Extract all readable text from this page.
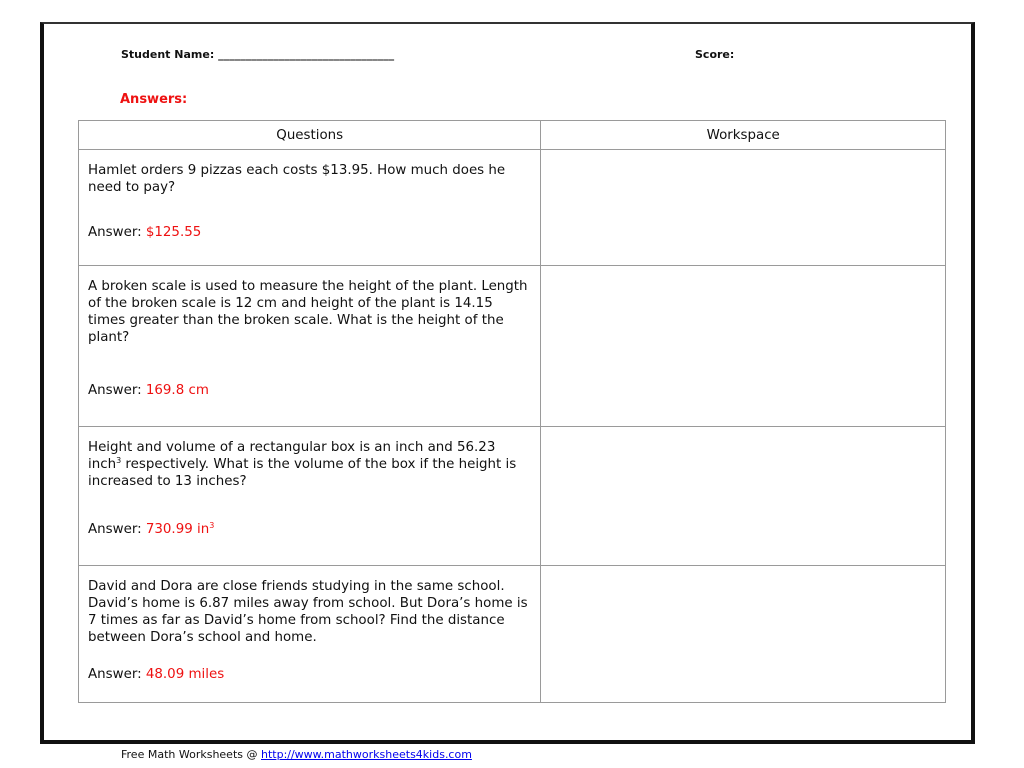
Student Name: ________________________________	Score:
Answers:
Questions	Workspace

Hamlet orders 9 pizzas each costs $13.95. How much does he need to pay?
Answer: $125.55	

A broken scale is used to measure the height of the plant. Length of the broken scale is 12 cm and height of the plant is 14.15 times greater than the broken scale. What is the height of the plant?
Answer: 169.8 cm	

Height and volume of a rectangular box is an inch and 56.23 inch$^3$ respectively. What is the volume of the box if the height is increased to 13 inches?
Answer: 730.99 $in^3$

David and Dora are close friends studying in the same school. David’s home is 6.87 miles away from school. But Dora’s home is 7 times as far as David’s home from school? Find the distance between Dora’s school and home.
Answer: 48.09 miles	

Free Math Worksheets @ http://www.mathworksheets4kids.com
